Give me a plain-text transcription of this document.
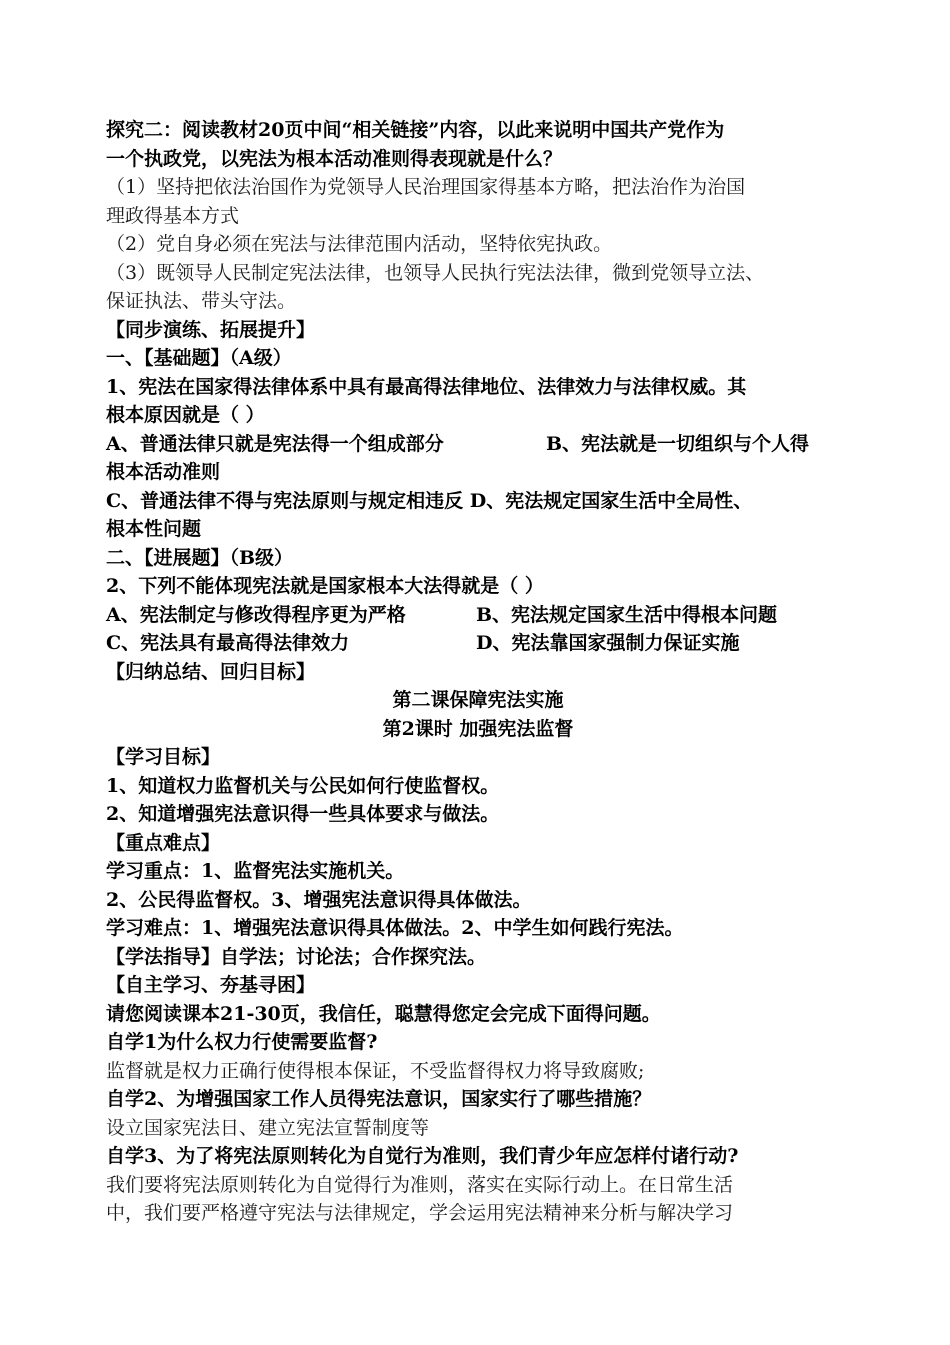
探究二：阅读教材20页中间“相关链接”内容，以此来说明中国共产党作为
一个执政党，以宪法为根本活动准则得表现就是什么？
（1）坚持把依法治国作为党领导人民治理国家得基本方略，把法治作为治国
理政得基本方式
（2）党自身必须在宪法与法律范围内活动，坚特依宪执政。
（3）既领导人民制定宪法法律，也领导人民执行宪法法律，微到党领导立法、
保证执法、带头守法。
【同步演练、拓展提升】
一、【基础题】（A级）
1、宪法在国家得法律体系中具有最高得法律地位、法律效力与法律权威。其
根本原因就是（ ）
A、普通法律只就是宪法得一个组成部分	B、宪法就是一切组织与个人得
根本活动准则
C、普通法律不得与宪法原则与规定相违反 D、宪法规定国家生活中全局性、
根本性问题
二、【进展题】（B级）
2、下列不能体现宪法就是国家根本大法得就是（ ）
A、宪法制定与修改得程序更为严格	B、宪法规定国家生活中得根本问题
C、宪法具有最高得法律效力	D、宪法靠国家强制力保证实施
【归纳总结、回归目标】
第二课保障宪法实施
第2课时 加强宪法监督
【学习目标】
1、知道权力监督机关与公民如何行使监督权。
2、知道增强宪法意识得一些具体要求与做法。
【重点难点】
学习重点：1、监督宪法实施机关。
2、公民得监督权。3、增强宪法意识得具体做法。
学习难点：1、增强宪法意识得具体做法。2、中学生如何践行宪法。
【学法指导】自学法；讨论法；合作探究法。
【自主学习、夯基寻困】
请您阅读课本21-30页，我信任，聪慧得您定会完成下面得问题。
自学1为什么权力行使需要监督?
监督就是权力正确行使得根本保证，不受监督得权力将导致腐败;
自学2、为增强国家工作人员得宪法意识，国家实行了哪些措施？
设立国家宪法日、建立宪法宣誓制度等
自学3、为了将宪法原则转化为自觉行为准则，我们青少年应怎样付诸行动?
我们要将宪法原则转化为自觉得行为准则，落实在实际行动上。在日常生活
中，我们要严格遵守宪法与法律规定，学会运用宪法精神来分析与解决学习
